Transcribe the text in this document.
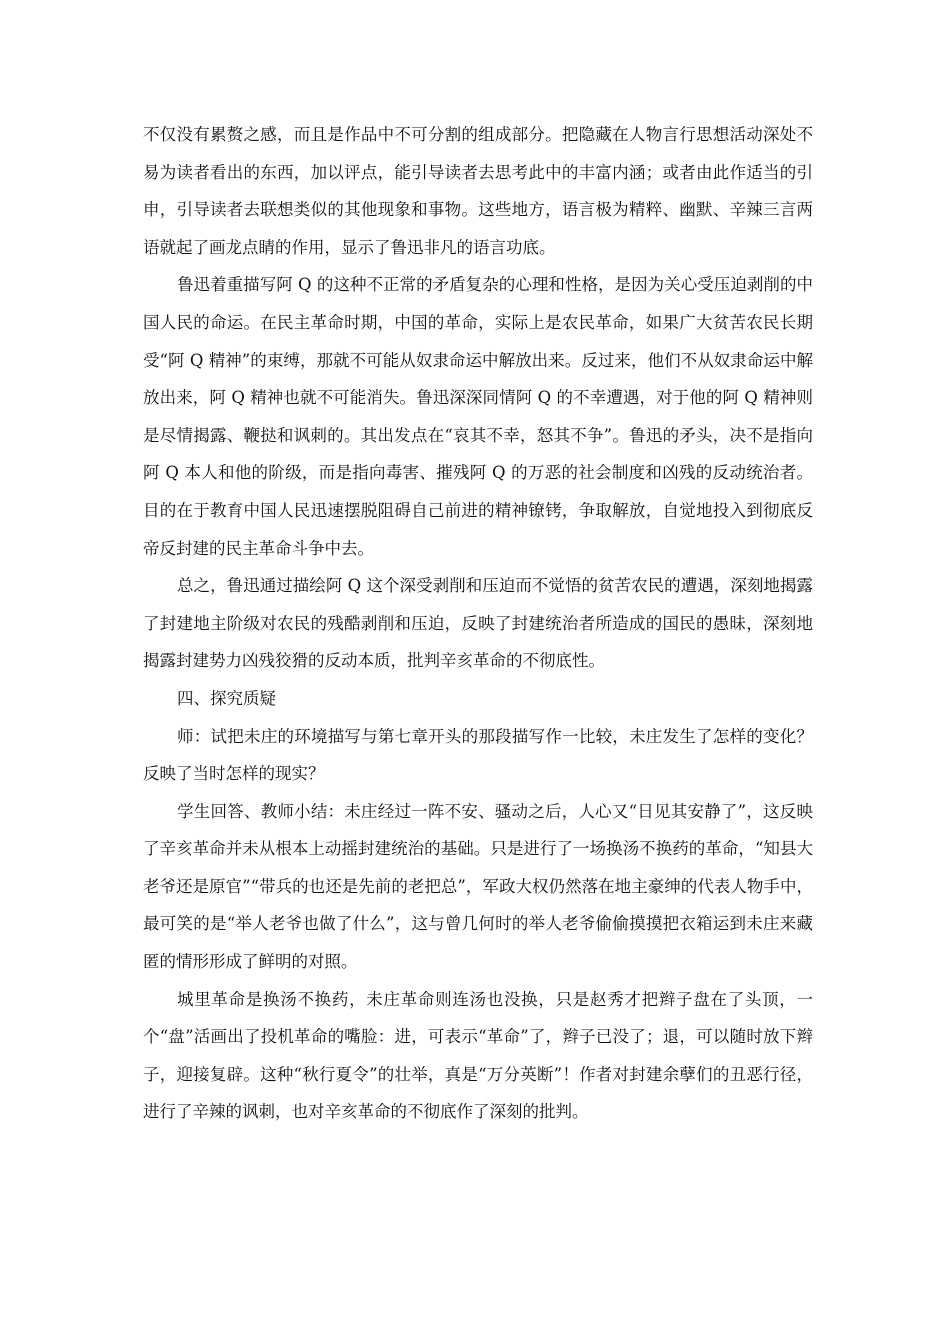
不仅没有累赘之感，而且是作品中不可分割的组成部分。把隐藏在人物言行思想活动深处不易为读者看出的东西，加以评点，能引导读者去思考此中的丰富内涵；或者由此作适当的引申，引导读者去联想类似的其他现象和事物。这些地方，语言极为精粹、幽默、辛辣三言两语就起了画龙点睛的作用，显示了鲁迅非凡的语言功底。

鲁迅着重描写阿 Q 的这种不正常的矛盾复杂的心理和性格，是因为关心受压迫剥削的中国人民的命运。在民主革命时期，中国的革命，实际上是农民革命，如果广大贫苦农民长期受“阿 Q 精神”的束缚，那就不可能从奴隶命运中解放出来。反过来，他们不从奴隶命运中解放出来，阿 Q 精神也就不可能消失。鲁迅深深同情阿 Q 的不幸遭遇，对于他的阿 Q 精神则是尽情揭露、鞭挞和讽刺的。其出发点在“哀其不幸，怒其不争”。鲁迅的矛头，决不是指向阿 Q 本人和他的阶级，而是指向毒害、摧残阿 Q 的万恶的社会制度和凶残的反动统治者。目的在于教育中国人民迅速摆脱阻碍自己前进的精神镣铐，争取解放，自觉地投入到彻底反帝反封建的民主革命斗争中去。

总之，鲁迅通过描绘阿 Q 这个深受剥削和压迫而不觉悟的贫苦农民的遭遇，深刻地揭露了封建地主阶级对农民的残酷剥削和压迫，反映了封建统治者所造成的国民的愚昧，深刻地揭露封建势力凶残狡猾的反动本质，批判辛亥革命的不彻底性。

四、探究质疑

师：试把未庄的环境描写与第七章开头的那段描写作一比较，未庄发生了怎样的变化？反映了当时怎样的现实？

学生回答、教师小结：未庄经过一阵不安、骚动之后，人心又“日见其安静了”，这反映了辛亥革命并未从根本上动摇封建统治的基础。只是进行了一场换汤不换药的革命，“知县大老爷还是原官”“带兵的也还是先前的老把总”，军政大权仍然落在地主豪绅的代表人物手中，最可笑的是“举人老爷也做了什么”，这与曾几何时的举人老爷偷偷摸摸把衣箱运到未庄来藏匿的情形形成了鲜明的对照。

城里革命是换汤不换药，未庄革命则连汤也没换，只是赵秀才把辫子盘在了头顶，一个“盘”活画出了投机革命的嘴脸：进，可表示“革命”了，辫子已没了；退，可以随时放下辫子，迎接复辟。这种“秋行夏令”的壮举，真是“万分英断”！作者对封建余孽们的丑恶行径，进行了辛辣的讽刺，也对辛亥革命的不彻底作了深刻的批判。
